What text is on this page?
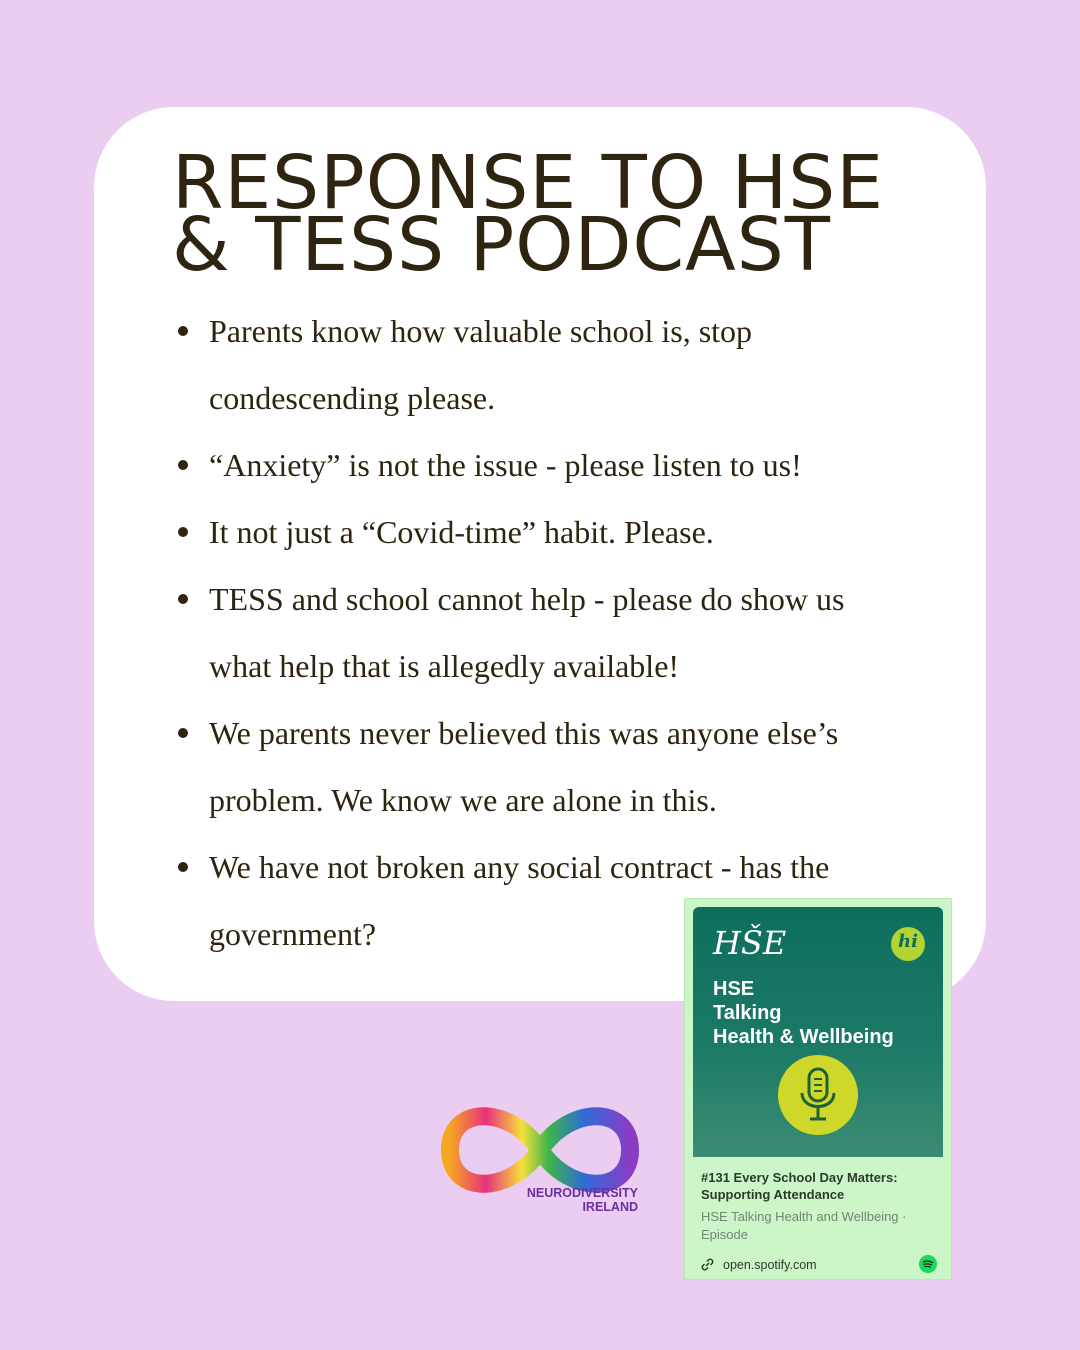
RESPONSE TO HSE
& TESS PODCAST
Parents know how valuable school is, stop condescending please.
“Anxiety” is not the issue - please listen to us!
It not just a “Covid-time” habit. Please.
TESS and school cannot help - please do show us what help that is allegedly available!
We parents never believed this was anyone else’s problem. We know we are alone in this.
We have not broken any social contract - has the government?
NEURODIVERSITY
IRELAND
HŠE	hi
HSE
Talking
Health & Wellbeing

#131 Every School Day Matters: Supporting Attendance

HSE Talking Health and Wellbeing · Episode

open.spotify.com
